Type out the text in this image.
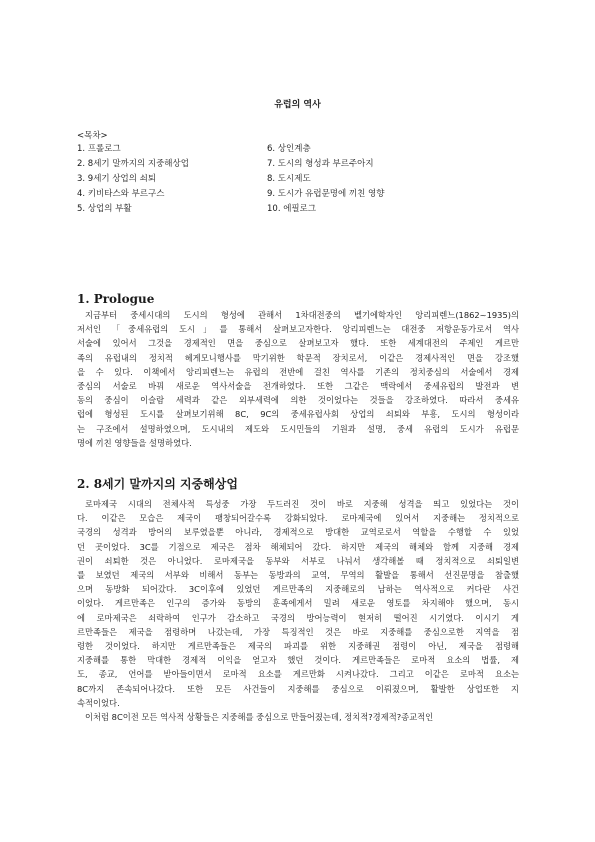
유럽의 역사
<목차>
1. 프롤로그
2. 8세기 말까지의 지중해상업
3. 9세기 상업의 쇠퇴
4. 키비타스와 부르구스
5. 상업의 부활
6. 상인계층
7. 도시의 형성과 부르주아지
8. 도시제도
9. 도시가 유럽문명에 끼친 영향
10. 에필로그
1. Prologue
지금부터 중세시대의 도시의 형성에 관해서 1차대전중의 벨기에학자인 앙리피렌느(1862~1935)의
저서인 「중세유럽의 도시」를 통해서 살펴보고자한다. 앙리피렌느는 대전중 저항운동가로서 역사
서술에 있어서 그것을 경제적인 면을 중심으로 살펴보고자 했다. 또한 세계대전의 주제인 게르만
족의 유럽내의 정치적 헤게모니행사를 막기위한 학문적 장치로서, 이같은 경제사적인 면을 강조했
을 수 있다. 이책에서 앙리피렌느는 유럽의 전반에 걸친 역사를 기존의 정치중심의 서술에서 경제
중심의 서술로 바꿔 새로운 역사서술을 전개하였다. 또한 그같은 맥락에서 중세유럽의 발전과 변
동의 중심이 이슬람 세력과 같은 외부세력에 의한 것이었다는 것들을 강조하였다. 따라서 중세유
럽에 형성된 도시를 살펴보기위해 8C, 9C의 중세유럽사회 상업의 쇠퇴와 부흥, 도시의 형성이라
는 구조에서 설명하였으며, 도시내의 제도와 도시민들의 기원과 설명, 중세 유럽의 도시가 유럽문
명에 끼친 영향들을 설명하였다.
2. 8세기 말까지의 지중해상업
로마제국 시대의 전체사적 특성중 가장 두드러진 것이 바로 지중해 성격을 띄고 있었다는 것이
다. 이같은 모습은 제국이 팽창되어갈수록 강화되었다. 로마제국에 있어서 지중해는 정치적으로
국경의 성격과 방어의 보루였을뿐 아니라, 경제적으로 방대한 교역로로서 역할을 수행할 수 있었
던 곳이었다. 3C를 기점으로 제국은 점차 해체되어 갔다. 하지만 제국의 해체와 함께 지중해 경제
권이 쇠퇴한 것은 아니었다. 로마제국을 동부와 서부로 나눠서 생각해볼 때 정치적으로 쇠퇴일변
를 보였던 제국의 서부와 비해서 동부는 동방과의 교역, 무역의 활발을 통해서 선진문명을 참출했
으며 동방화 되어갔다. 3C이후에 있었던 게르만족의 지중해로의 남하는 역사적으로 커다란 사건
이었다. 게르만족은 인구의 증가와 동방의 훈족에게서 밀려 새로운 영토를 차지해야 했으며, 동시
에 로마제국은 쇠락하여 인구가 감소하고 국경의 방어능력이 현저히 떨어진 시기였다. 이시기 게
르만족들은 제국을 점령하며 나갔는데, 가장 특징적인 것은 바로 지중해를 중심으로한 지역을 점
령한 것이었다. 하지만 게르만족들은 제국의 파괴를 위한 지중해권 점령이 아닌, 제국을 점령해
지중해를 통한 막대한 경제적 이익을 얻고자 했던 것이다. 게르만족들은 로마적 요소의 법률, 제
도, 종교, 언어를 받아들이면서 로마적 요소를 게르만화 시켜나갔다. 그리고 이같은 로마적 요소는
8C까지 존속되어나갔다. 또한 모든 사건들이 지중해를 중심으로 이뤄졌으며, 활발한 상업또한 지
속적이었다.
이처럼 8C이전 모든 역사적 상황들은 지중해를 중심으로 만들어졌는데, 정치적?경제적?종교적인
